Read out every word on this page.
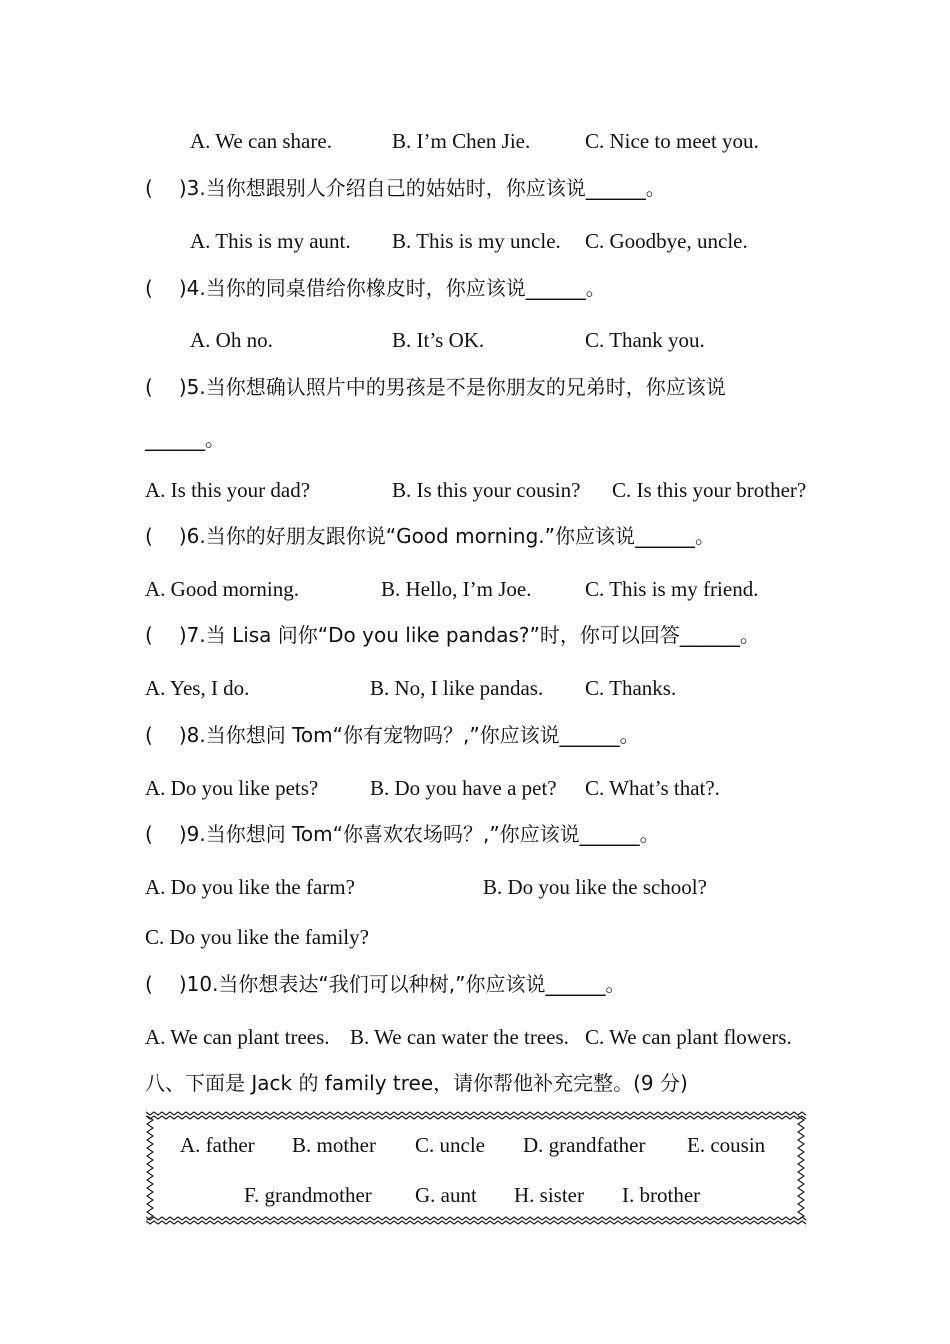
A. We can share.	B. I’m Chen Jie.	C. Nice to meet you.
( )3.当你想跟别人介绍自己的姑姑时，你应该说______。
A. This is my aunt. B. This is my uncle. C. Goodbye, uncle.
( )4.当你的同桌借给你橡皮时，你应该说______。
A. Oh no.	B. It’s OK.	C. Thank you.
( )5.当你想确认照片中的男孩是不是你朋友的兄弟时，你应该说
______。
A. Is this your dad?	B. Is this your cousin? C. Is this your brother?
( )6.当你的好朋友跟你说“Good morning.”你应该说______。
A. Good morning.	B. Hello, I’m Joe.	C. This is my friend.
( )7.当 Lisa 问你“Do you like pandas?”时，你可以回答______。
A. Yes, I do.	B. No, I like pandas. C. Thanks.
( )8.当你想问 Tom“你有宠物吗？,”你应该说______。
A. Do you like pets? B. Do you have a pet? C. What’s that?.
( )9.当你想问 Tom“你喜欢农场吗？,”你应该说______。
A. Do you like the farm?	B. Do you like the school?
C. Do you like the family?
( )10.当你想表达“我们可以种树,”你应该说______。
A. We can plant trees. B. We can water the trees. C. We can plant flowers.
八、下面是 Jack 的 family tree，请你帮他补充完整。(9 分)
A. father B. mother C. uncle D. grandfather E. cousin
F. grandmother G. aunt H. sister I. brother
